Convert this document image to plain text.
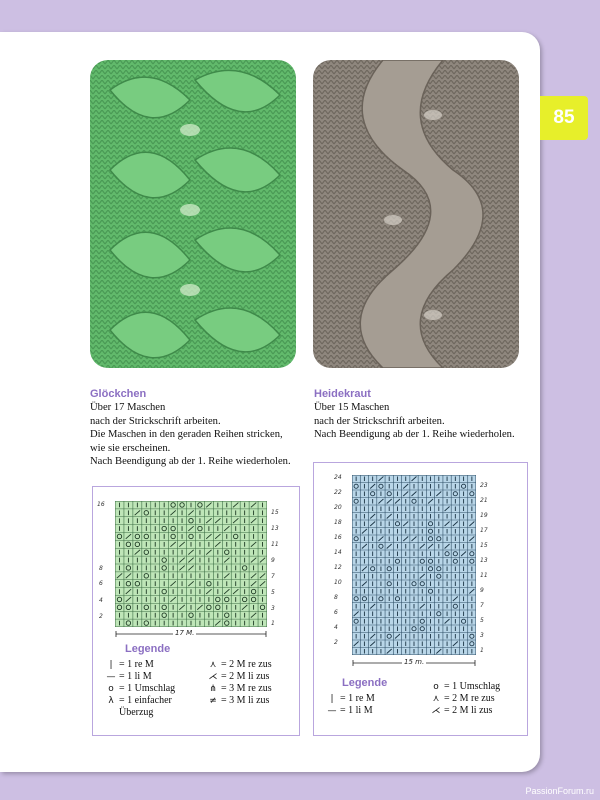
85
Glöckchen
Über 17 Maschen
nach der Strickschrift arbeiten.
Die Maschen in den geraden Reihen stricken,
wie sie erscheinen.
Nach Beendigung ab der 1. Reihe wiederholen.
Heidekraut
Über 15 Maschen
nach der Strickschrift arbeiten.
Nach Beendigung ab der 1. Reihe wiederholen.
16
8
6
4
2
15
13
11
9
7
5
3
1
17 M.
Legende
| = 1 re M
— = 1 li M
o = 1 Umschlag
λ = 1 einfacher
Überzug
⋏ = 2 M re zus
⋌ = 2 M li zus
⋔ = 3 M re zus
≠ = 3 M li zus
15 m.
Legende
| = 1 re M
— = 1 li M
o = 1 Umschlag
⋏ = 2 M re zus
⋌ = 2 M li zus
24
22
20
18
16
14
12
10
8
6
4
2
23
21
19
17
15
13
11
9
7
5
3
1
PassionForum.ru
